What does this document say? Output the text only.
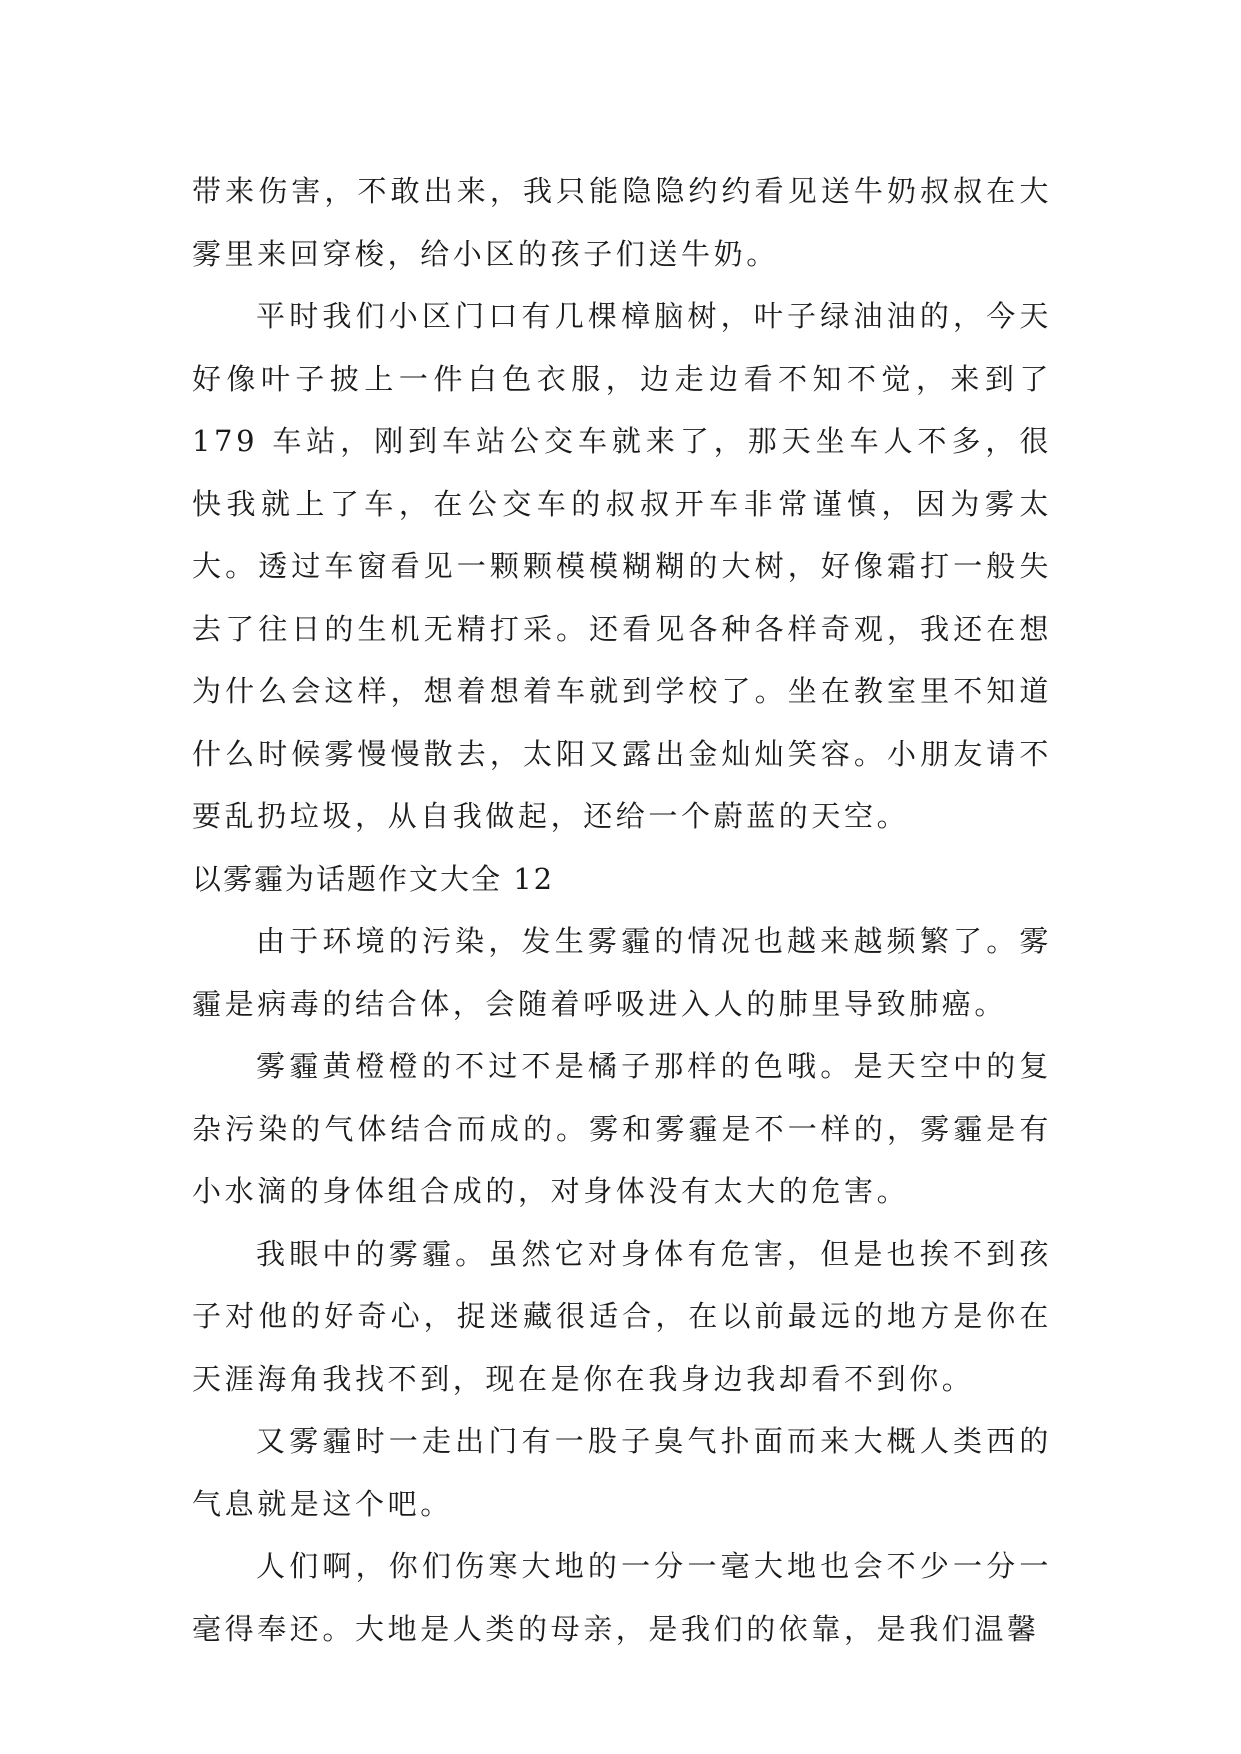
带来伤害，不敢出来，我只能隐隐约约看见送牛奶叔叔在大雾里来回穿梭，给小区的孩子们送牛奶。

平时我们小区门口有几棵樟脑树，叶子绿油油的，今天好像叶子披上一件白色衣服，边走边看不知不觉，来到了 179 车站，刚到车站公交车就来了，那天坐车人不多，很快我就上了车，在公交车的叔叔开车非常谨慎，因为雾太大。透过车窗看见一颗颗模模糊糊的大树，好像霜打一般失去了往日的生机无精打采。还看见各种各样奇观，我还在想为什么会这样，想着想着车就到学校了。坐在教室里不知道什么时候雾慢慢散去，太阳又露出金灿灿笑容。小朋友请不要乱扔垃圾，从自我做起，还给一个蔚蓝的天空。

以雾霾为话题作文大全 12

由于环境的污染，发生雾霾的情况也越来越频繁了。雾霾是病毒的结合体，会随着呼吸进入人的肺里导致肺癌。

雾霾黄橙橙的不过不是橘子那样的色哦。是天空中的复杂污染的气体结合而成的。雾和雾霾是不一样的，雾霾是有小水滴的身体组合成的，对身体没有太大的危害。

我眼中的雾霾。虽然它对身体有危害，但是也挨不到孩子对他的好奇心，捉迷藏很适合，在以前最远的地方是你在天涯海角我找不到，现在是你在我身边我却看不到你。

又雾霾时一走出门有一股子臭气扑面而来大概人类西的气息就是这个吧。

人们啊，你们伤寒大地的一分一毫大地也会不少一分一毫得奉还。大地是人类的母亲，是我们的依靠，是我们温馨
